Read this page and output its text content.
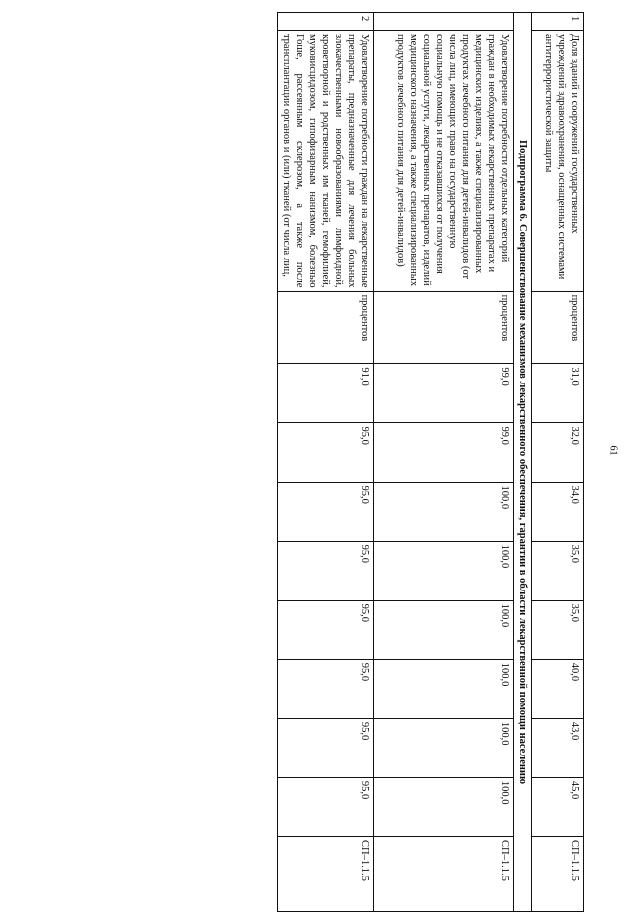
1	Доля зданий и сооружений государственных учреждений здравоохранения, оснащенных системами антитеррористической защиты	процентов	31,0	32,0	34,0	35,0	35,0	40,0	43,0	45,0	СП–1.1.5
Подпрограмма 6. Совершенствование механизмов лекарственного обеспечения, гарантии в области лекарственной помощи населению											
	Удовлетворение потребности отдельных категорий граждан в необходимых лекарственных препаратах и медицинских изделиях, а также специализированных продуктах лечебного питания для детей-инвалидов (от числа лиц, имеющих право на государственную социальную помощь и не отказавшихся от получения социальной услуги, лекарственных препаратов, изделий медицинского назначения, а также специализированных продуктов лечебного питания для детей-инвалидов)	процентов	99,0	99,0	100,0	100,0	100,0	100,0	100,0	100,0	СП–1.1.5
2	Удовлетворение потребности граждан на лекарственные препараты, предназначенные для лечения больных злокачественными новообразованиями лимфоидной, кроветворной и родственных им тканей, гемофилией, муковисцидозом, гипофизарным нанизмом, болезнью Гоше, рассеянным склерозом, а также после трансплантации органов и (или) тканей (от числа лиц,	процентов	91,0	95,0	95,0	95,0	95,0	95,0	95,0	95,0	СП–1.1.5
61
